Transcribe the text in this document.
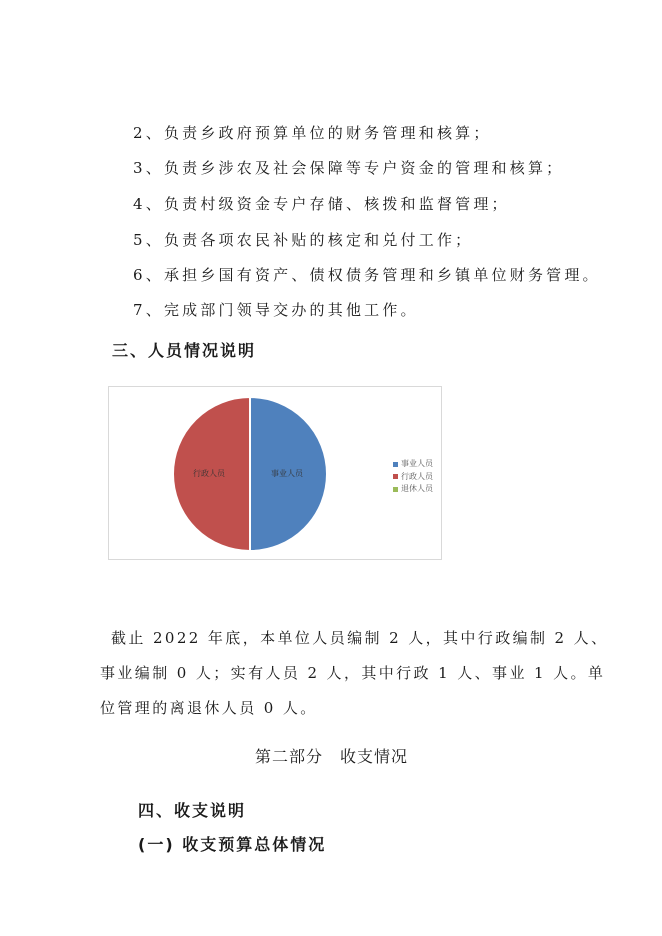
2、负责乡政府预算单位的财务管理和核算；
3、负责乡涉农及社会保障等专户资金的管理和核算；
4、负责村级资金专户存储、核拨和监督管理；
5、负责各项农民补贴的核定和兑付工作；
6、承担乡国有资产、债权债务管理和乡镇单位财务管理。
7、完成部门领导交办的其他工作。
三、人员情况说明
事业人员
行政人员
事业人员
行政人员
退休人员
截止 2022 年底，本单位人员编制 2 人，其中行政编制 2 人、
事业编制 0 人；实有人员 2 人，其中行政 1 人、事业 1 人。单
位管理的离退休人员 0 人。
第二部分　收支情况
四、收支说明
(一) 收支预算总体情况
